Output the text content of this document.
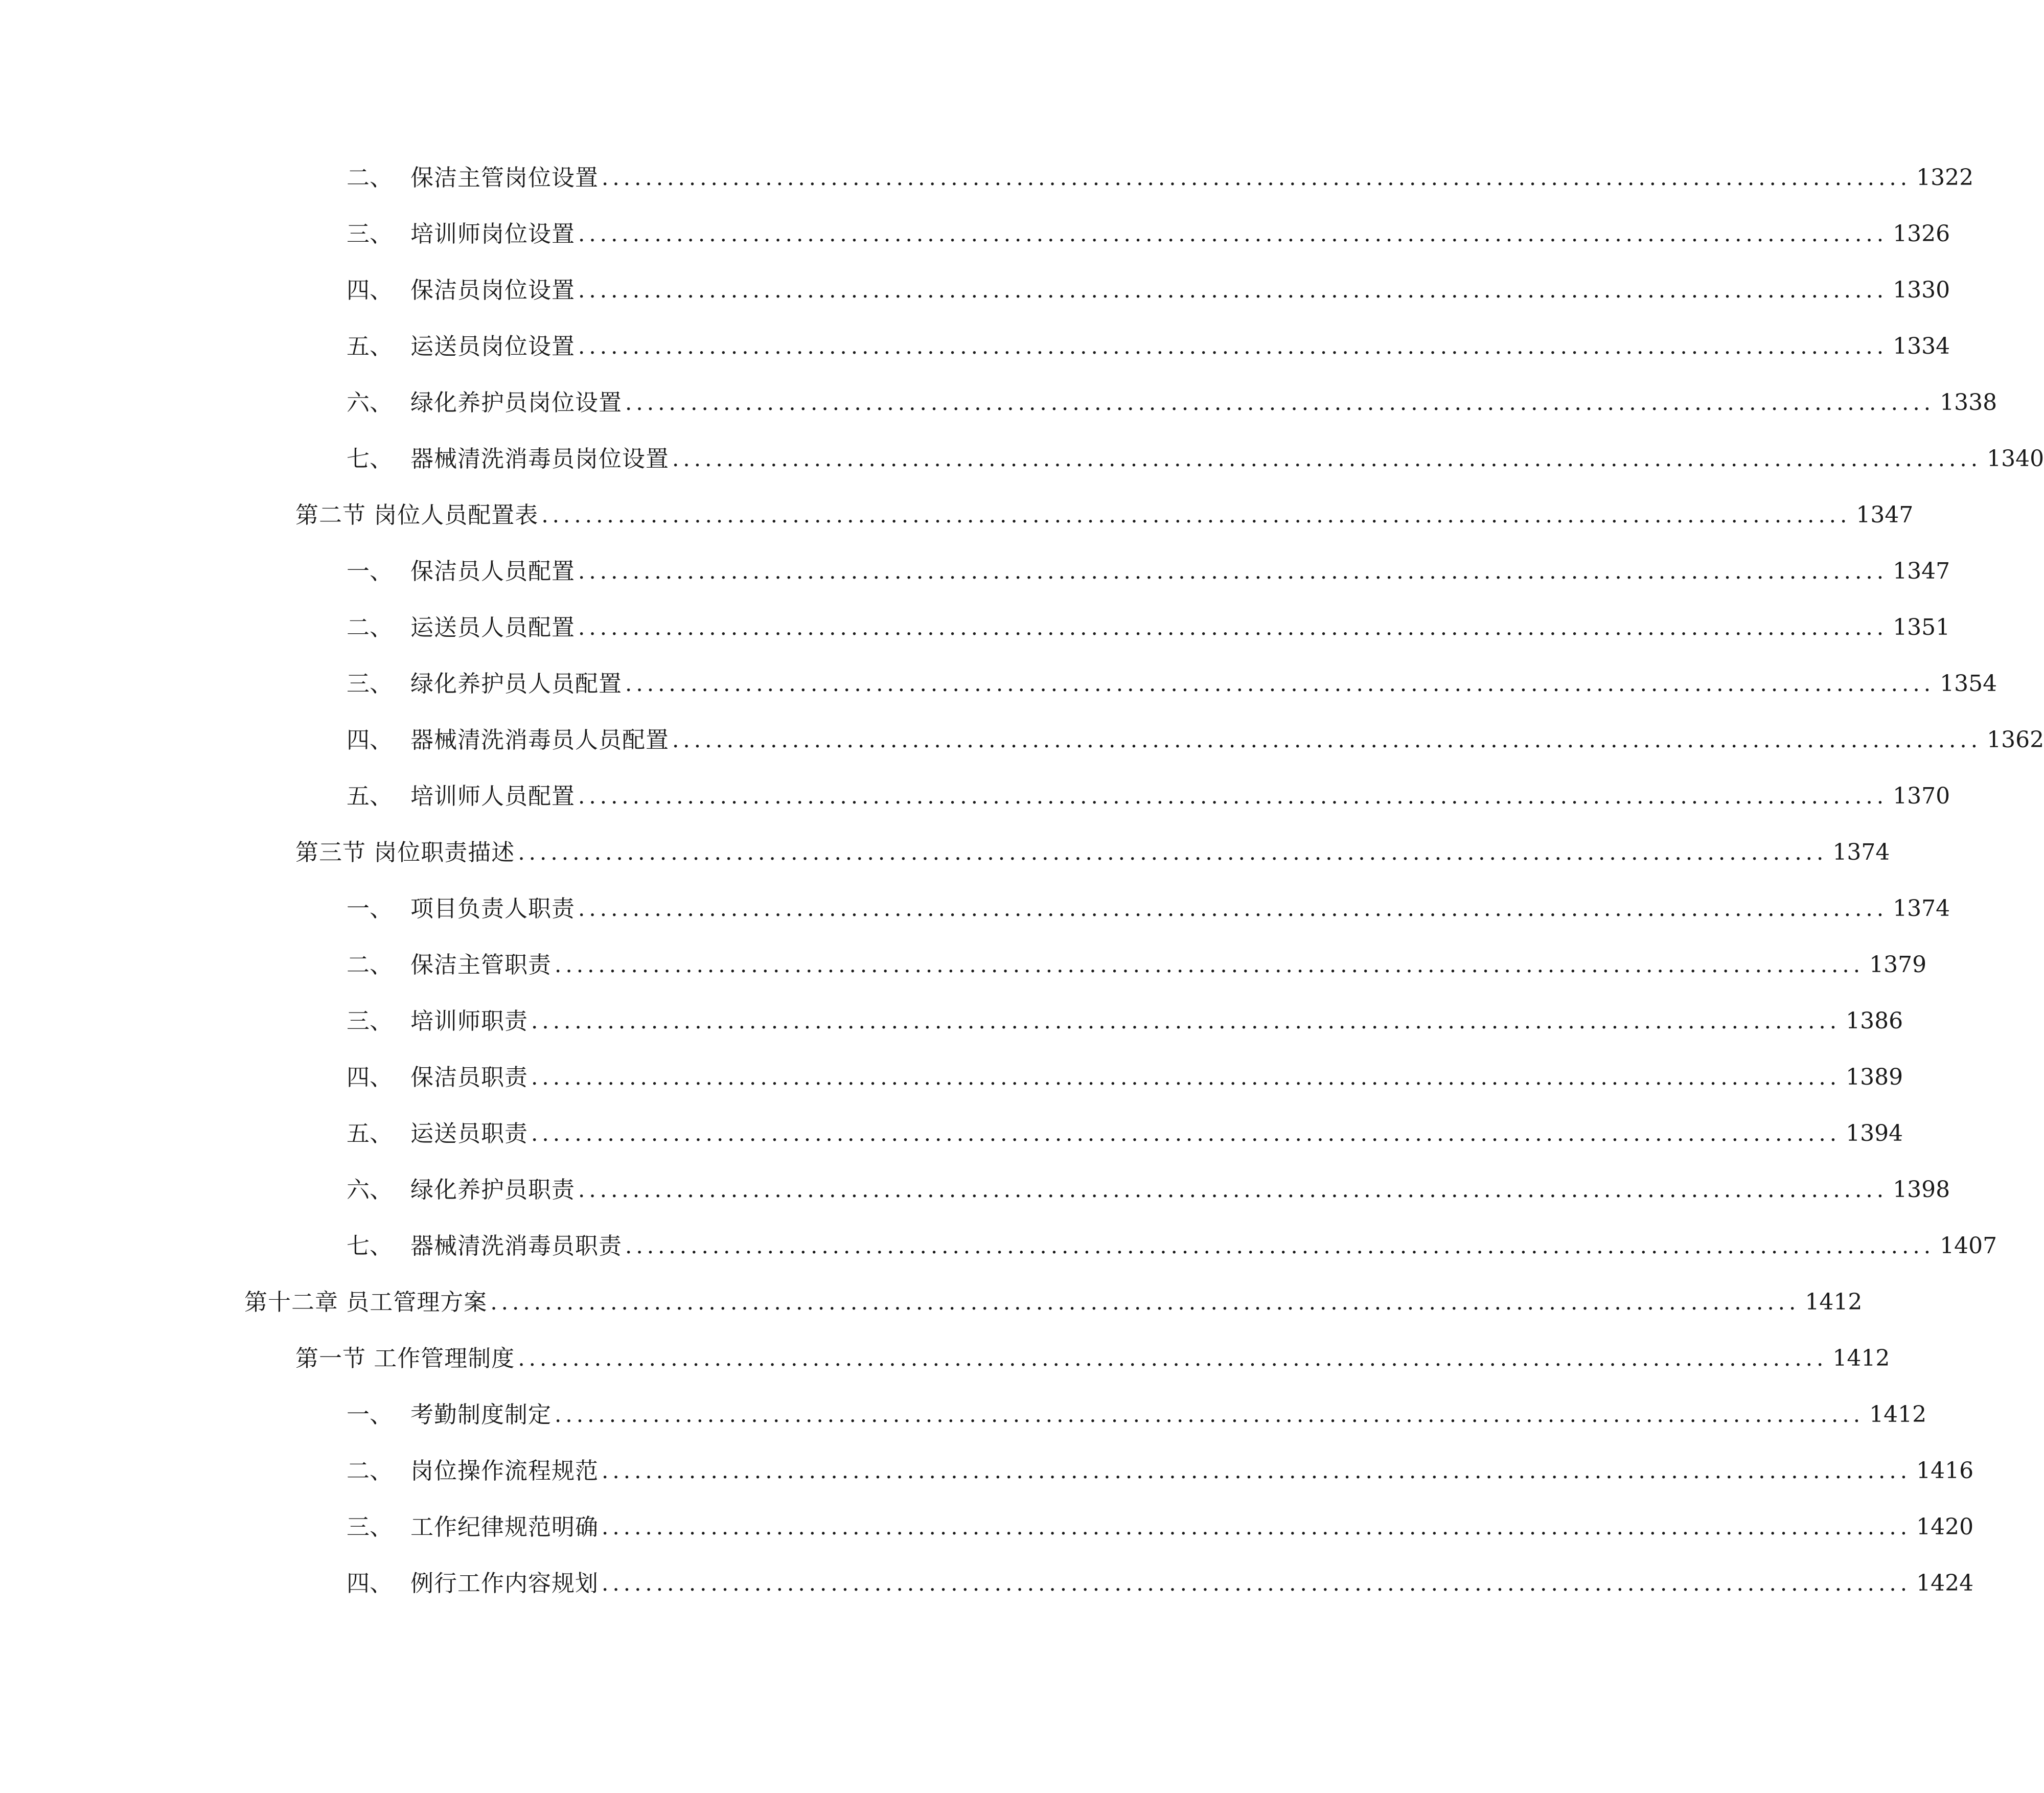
二、 保洁主管岗位设置 ........................................................................................................................ 1322
三、 培训师岗位设置 ........................................................................................................................ 1326
四、 保洁员岗位设置 ........................................................................................................................ 1330
五、 运送员岗位设置 ........................................................................................................................ 1334
六、 绿化养护员岗位设置 ........................................................................................................................ 1338
七、 器械清洗消毒员岗位设置 ........................................................................................................................ 1340
第二节 岗位人员配置表 ........................................................................................................................ 1347
一、 保洁员人员配置 ........................................................................................................................ 1347
二、 运送员人员配置 ........................................................................................................................ 1351
三、 绿化养护员人员配置 ........................................................................................................................ 1354
四、 器械清洗消毒员人员配置 ........................................................................................................................ 1362
五、 培训师人员配置 ........................................................................................................................ 1370
第三节 岗位职责描述 ........................................................................................................................ 1374
一、 项目负责人职责 ........................................................................................................................ 1374
二、 保洁主管职责 ........................................................................................................................ 1379
三、 培训师职责 ........................................................................................................................ 1386
四、 保洁员职责 ........................................................................................................................ 1389
五、 运送员职责 ........................................................................................................................ 1394
六、 绿化养护员职责 ........................................................................................................................ 1398
七、 器械清洗消毒员职责 ........................................................................................................................ 1407
第十二章 员工管理方案 ........................................................................................................................ 1412
第一节 工作管理制度 ........................................................................................................................ 1412
一、 考勤制度制定 ........................................................................................................................ 1412
二、 岗位操作流程规范 ........................................................................................................................ 1416
三、 工作纪律规范明确 ........................................................................................................................ 1420
四、 例行工作内容规划 ........................................................................................................................ 1424
